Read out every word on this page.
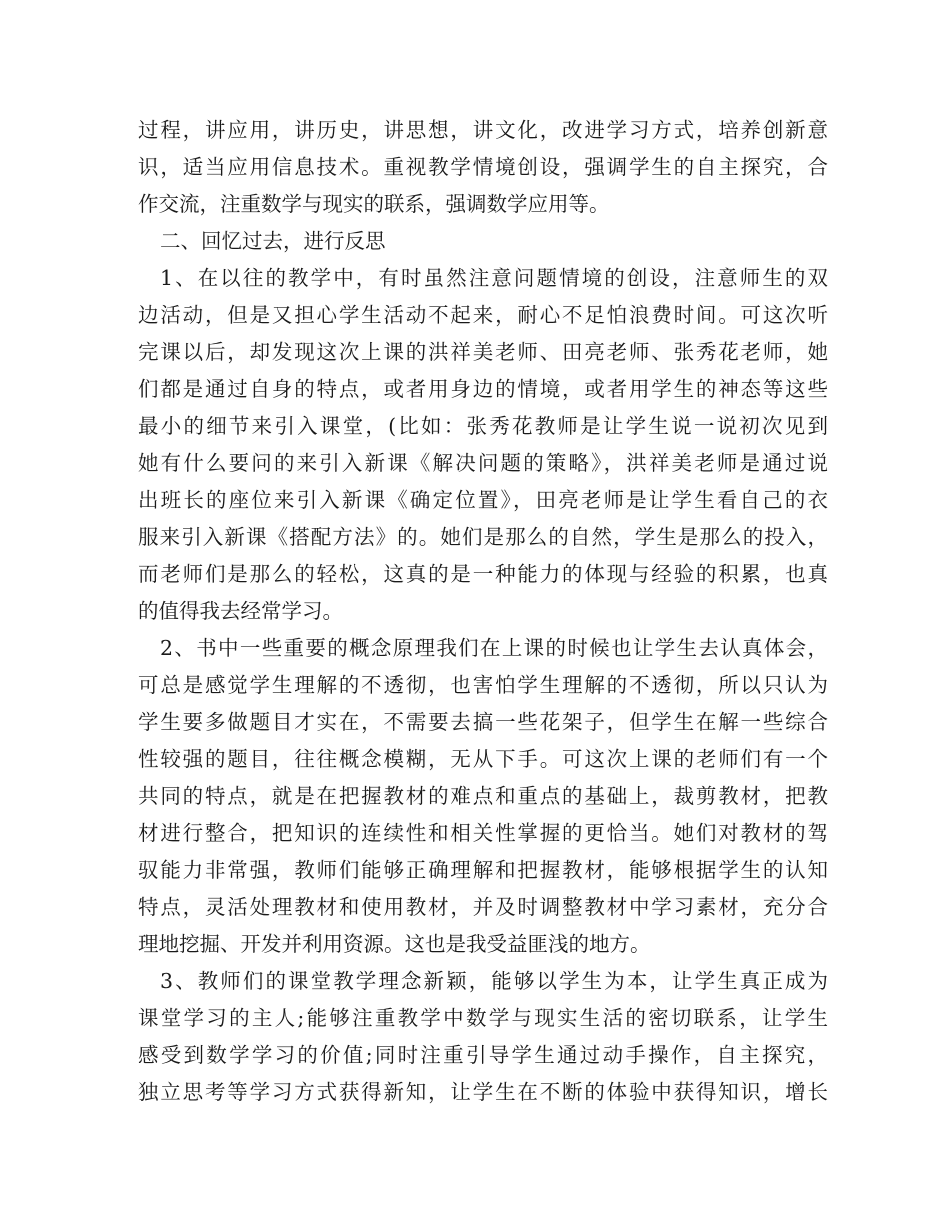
过程，讲应用，讲历史，讲思想，讲文化，改进学习方式，培养创新意
识，适当应用信息技术。重视教学情境创设，强调学生的自主探究，合
作交流，注重数学与现实的联系，强调数学应用等。
二、回忆过去，进行反思
1、在以往的教学中，有时虽然注意问题情境的创设，注意师生的双
边活动，但是又担心学生活动不起来，耐心不足怕浪费时间。可这次听
完课以后，却发现这次上课的洪祥美老师、田亮老师、张秀花老师，她
们都是通过自身的特点，或者用身边的情境，或者用学生的神态等这些
最小的细节来引入课堂，(比如：张秀花教师是让学生说一说初次见到
她有什么要问的来引入新课《解决问题的策略》，洪祥美老师是通过说
出班长的座位来引入新课《确定位置》，田亮老师是让学生看自己的衣
服来引入新课《搭配方法》的。她们是那么的自然，学生是那么的投入，
而老师们是那么的轻松，这真的是一种能力的体现与经验的积累，也真
的值得我去经常学习。
2、书中一些重要的概念原理我们在上课的时候也让学生去认真体会，
可总是感觉学生理解的不透彻，也害怕学生理解的不透彻，所以只认为
学生要多做题目才实在，不需要去搞一些花架子，但学生在解一些综合
性较强的题目，往往概念模糊，无从下手。可这次上课的老师们有一个
共同的特点，就是在把握教材的难点和重点的基础上，裁剪教材，把教
材进行整合，把知识的连续性和相关性掌握的更恰当。她们对教材的驾
驭能力非常强，教师们能够正确理解和把握教材，能够根据学生的认知
特点，灵活处理教材和使用教材，并及时调整教材中学习素材，充分合
理地挖掘、开发并利用资源。这也是我受益匪浅的地方。
3、教师们的课堂教学理念新颖，能够以学生为本，让学生真正成为
课堂学习的主人;能够注重教学中数学与现实生活的密切联系，让学生
感受到数学学习的价值;同时注重引导学生通过动手操作，自主探究，
独立思考等学习方式获得新知，让学生在不断的体验中获得知识，增长
